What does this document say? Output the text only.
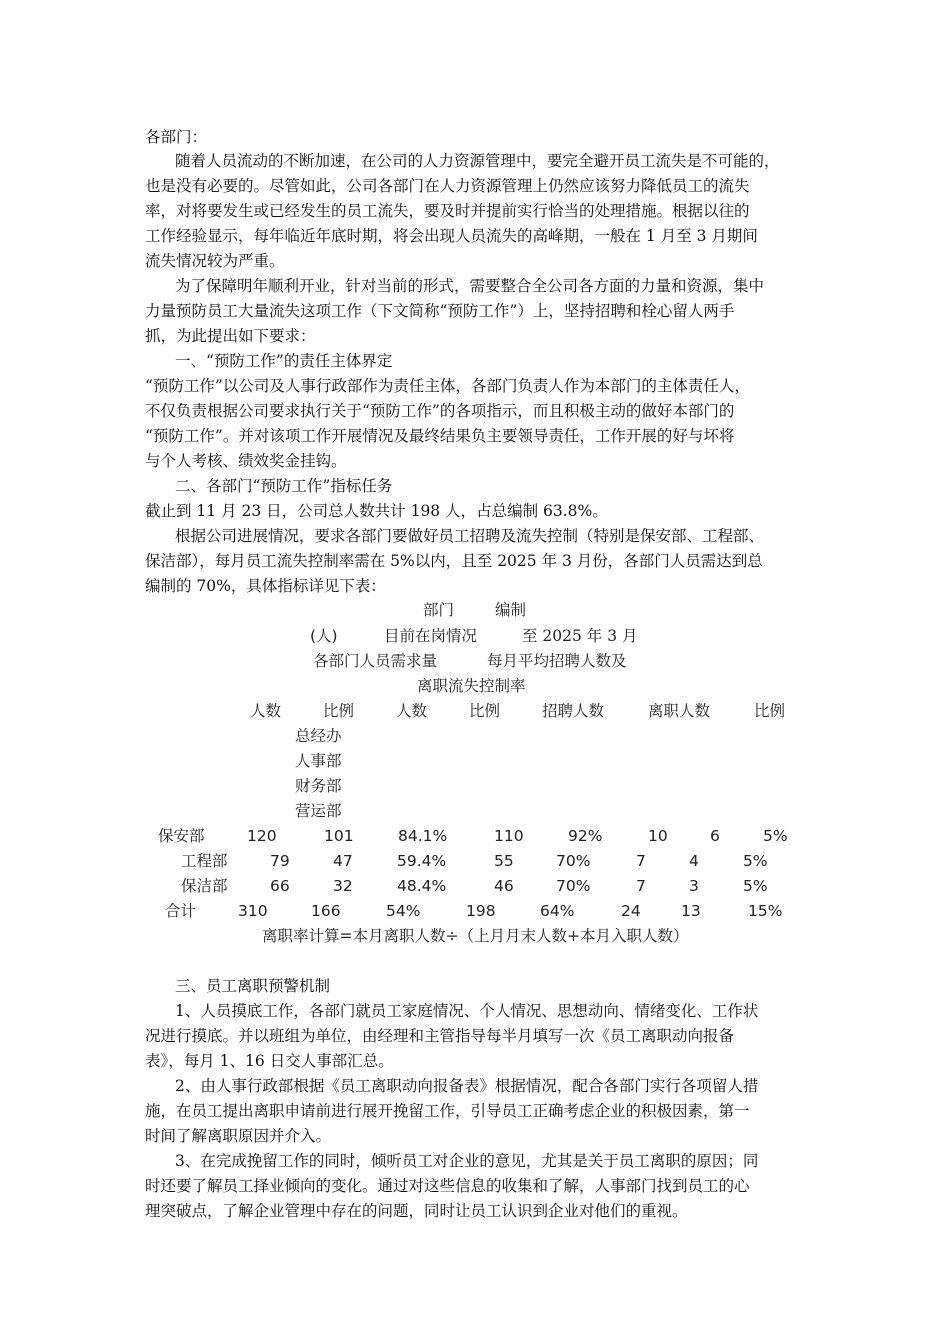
各部门：
随着人员流动的不断加速，在公司的人力资源管理中，要完全避开员工流失是不可能的，
也是没有必要的。尽管如此，公司各部门在人力资源管理上仍然应该努力降低员工的流失
率，对将要发生或已经发生的员工流失，要及时并提前实行恰当的处理措施。根据以往的
工作经验显示，每年临近年底时期，将会出现人员流失的高峰期，一般在 1 月至 3 月期间
流失情况较为严重。
为了保障明年顺利开业，针对当前的形式，需要整合全公司各方面的力量和资源，集中
力量预防员工大量流失这项工作（下文简称“预防工作”）上，坚持招聘和栓心留人两手
抓，为此提出如下要求：
一、“预防工作”的责任主体界定
“预防工作”以公司及人事行政部作为责任主体，各部门负责人作为本部门的主体责任人，
不仅负责根据公司要求执行关于“预防工作”的各项指示，而且积极主动的做好本部门的
“预防工作”。并对该项工作开展情况及最终结果负主要领导责任，工作开展的好与坏将
与个人考核、绩效奖金挂钩。
二、各部门“预防工作”指标任务
截止到 11 月 23 日，公司总人数共计 198 人，占总编制 63.8%。
根据公司进展情况，要求各部门要做好员工招聘及流失控制（特别是保安部、工程部、
保洁部），每月员工流失控制率需在 5%以内，且至 2025 年 3 月份，各部门人员需达到总
编制的 70%，具体指标详见下表：
部门	编制
(人)	目前在岗情况	至 2025 年 3 月
各部门人员需求量	每月平均招聘人数及
离职流失控制率
人数	比例	人数	比例	招聘人数	离职人数	比例
总经办
人事部
财务部
营运部
保安部	120	101	84.1%	110	92%	10	6	5%
工程部	79	47	59.4%	55	70%	7	4	5%
保洁部	66	32	48.4%	46	70%	7	3	5%
合计	310	166	54%	198	64%	24	13	15%
离职率计算=本月离职人数÷（上月月末人数+本月入职人数）
三、员工离职预警机制
1、人员摸底工作，各部门就员工家庭情况、个人情况、思想动向、情绪变化、工作状
况进行摸底。并以班组为单位，由经理和主管指导每半月填写一次《员工离职动向报备
表》，每月 1、16 日交人事部汇总。
2、由人事行政部根据《员工离职动向报备表》根据情况，配合各部门实行各项留人措
施，在员工提出离职申请前进行展开挽留工作，引导员工正确考虑企业的积极因素，第一
时间了解离职原因并介入。
3、在完成挽留工作的同时，倾听员工对企业的意见，尤其是关于员工离职的原因；同
时还要了解员工择业倾向的变化。通过对这些信息的收集和了解，人事部门找到员工的心
理突破点，了解企业管理中存在的问题，同时让员工认识到企业对他们的重视。
